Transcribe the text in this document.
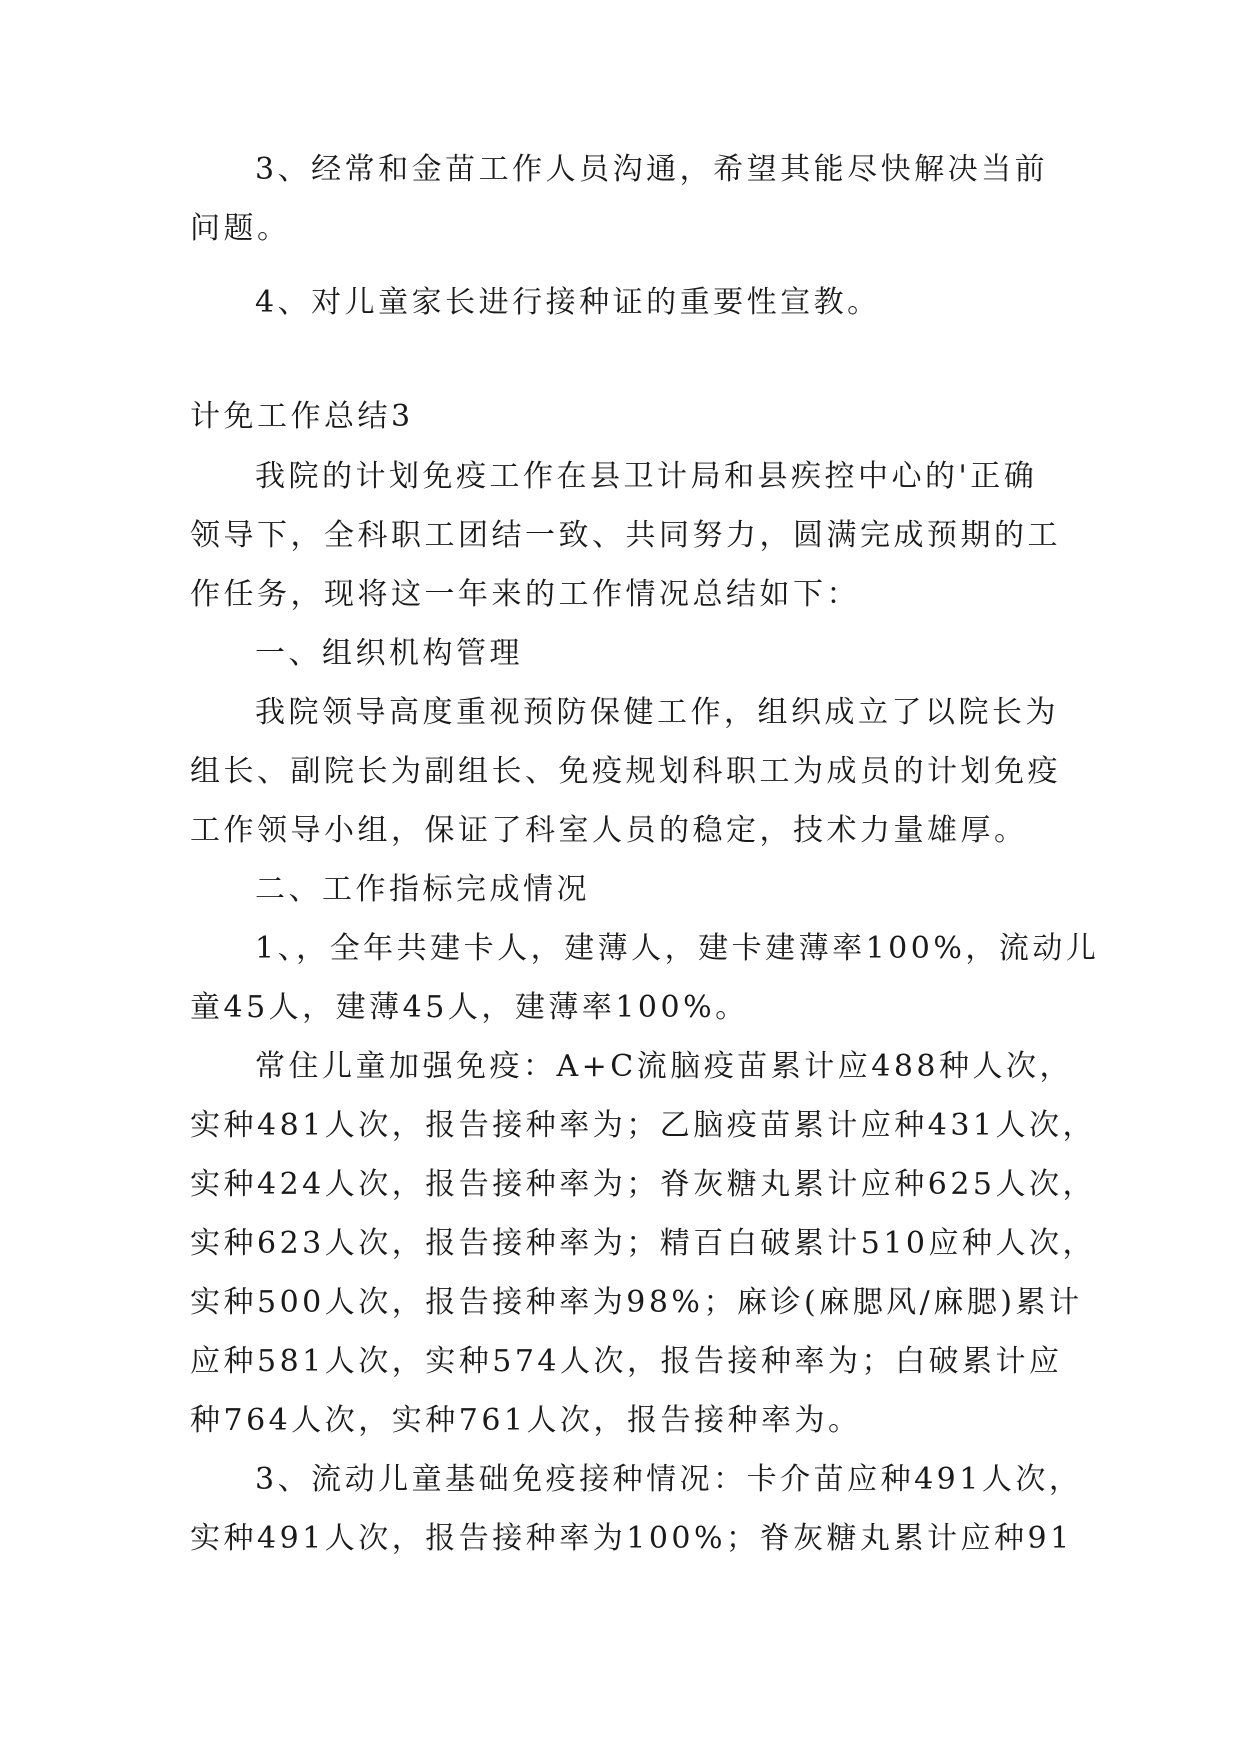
3、经常和金苗工作人员沟通，希望其能尽快解决当前
问题。
4、对儿童家长进行接种证的重要性宣教。
计免工作总结3
我院的计划免疫工作在县卫计局和县疾控中心的'正确
领导下，全科职工团结一致、共同努力，圆满完成预期的工
作任务，现将这一年来的工作情况总结如下：
一、组织机构管理
我院领导高度重视预防保健工作，组织成立了以院长为
组长、副院长为副组长、免疫规划科职工为成员的计划免疫
工作领导小组，保证了科室人员的稳定，技术力量雄厚。
二、工作指标完成情况
1、，全年共建卡人，建薄人，建卡建薄率100%，流动儿
童45人，建薄45人，建薄率100%。
常住儿童加强免疫：A+C流脑疫苗累计应488种人次，
实种481人次，报告接种率为；乙脑疫苗累计应种431人次，
实种424人次，报告接种率为；脊灰糖丸累计应种625人次，
实种623人次，报告接种率为；精百白破累计510应种人次，
实种500人次，报告接种率为98%；麻诊(麻腮风/麻腮)累计
应种581人次，实种574人次，报告接种率为；白破累计应
种764人次，实种761人次，报告接种率为。
3、流动儿童基础免疫接种情况：卡介苗应种491人次，
实种491人次，报告接种率为100%；脊灰糖丸累计应种91
